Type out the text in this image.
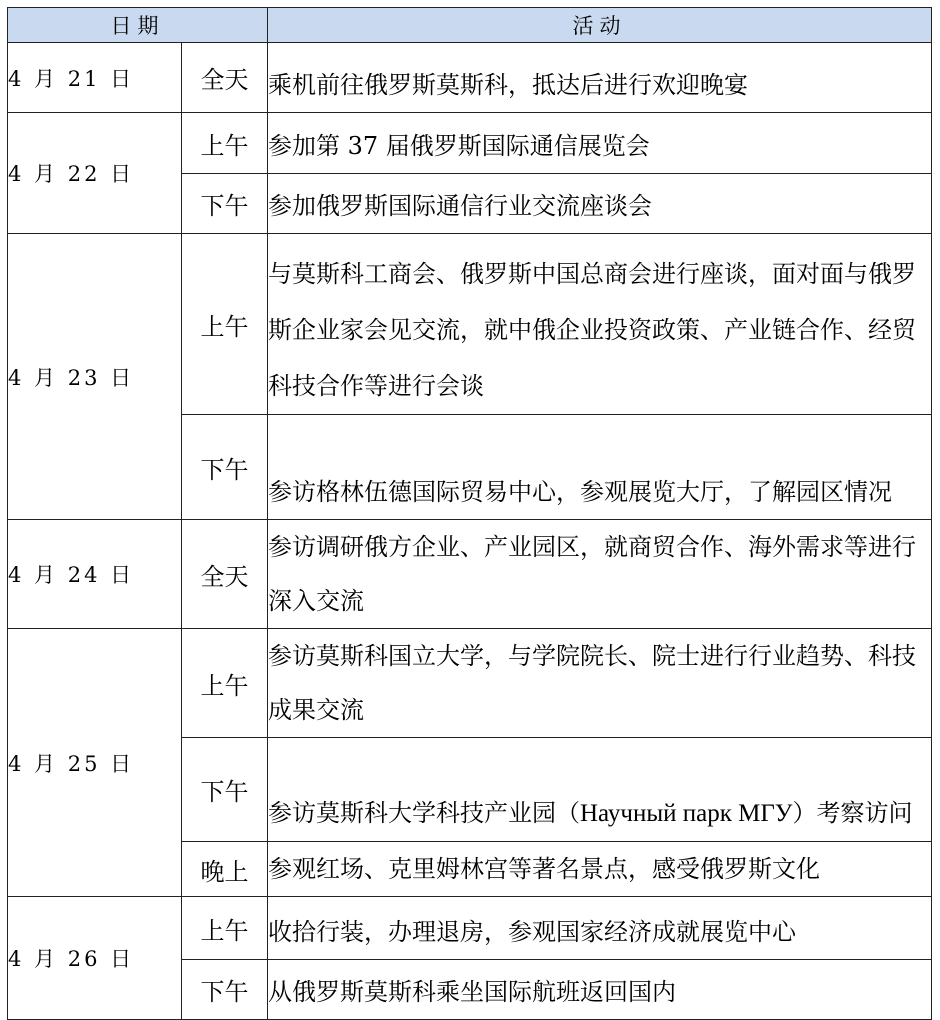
日期		活动
4 月 21 日	全天	乘机前往俄罗斯莫斯科，抵达后进行欢迎晚宴
4 月 22 日	上午	参加第 37 届俄罗斯国际通信展览会
	下午	参加俄罗斯国际通信行业交流座谈会
4 月 23 日	上午	与莫斯科工商会、俄罗斯中国总商会进行座谈，面对面与俄罗斯企业家会见交流，就中俄企业投资政策、产业链合作、经贸科技合作等进行会谈
	下午	参访格林伍德国际贸易中心，参观展览大厅，了解园区情况
4 月 24 日	全天	参访调研俄方企业、产业园区，就商贸合作、海外需求等进行深入交流
4 月 25 日	上午	参访莫斯科国立大学，与学院院长、院士进行行业趋势、科技成果交流
	下午	参访莫斯科大学科技产业园（Научный парк МГУ）考察访问
	晚上	参观红场、克里姆林宫等著名景点，感受俄罗斯文化
4 月 26 日	上午	收拾行装，办理退房，参观国家经济成就展览中心
	下午	从俄罗斯莫斯科乘坐国际航班返回国内
